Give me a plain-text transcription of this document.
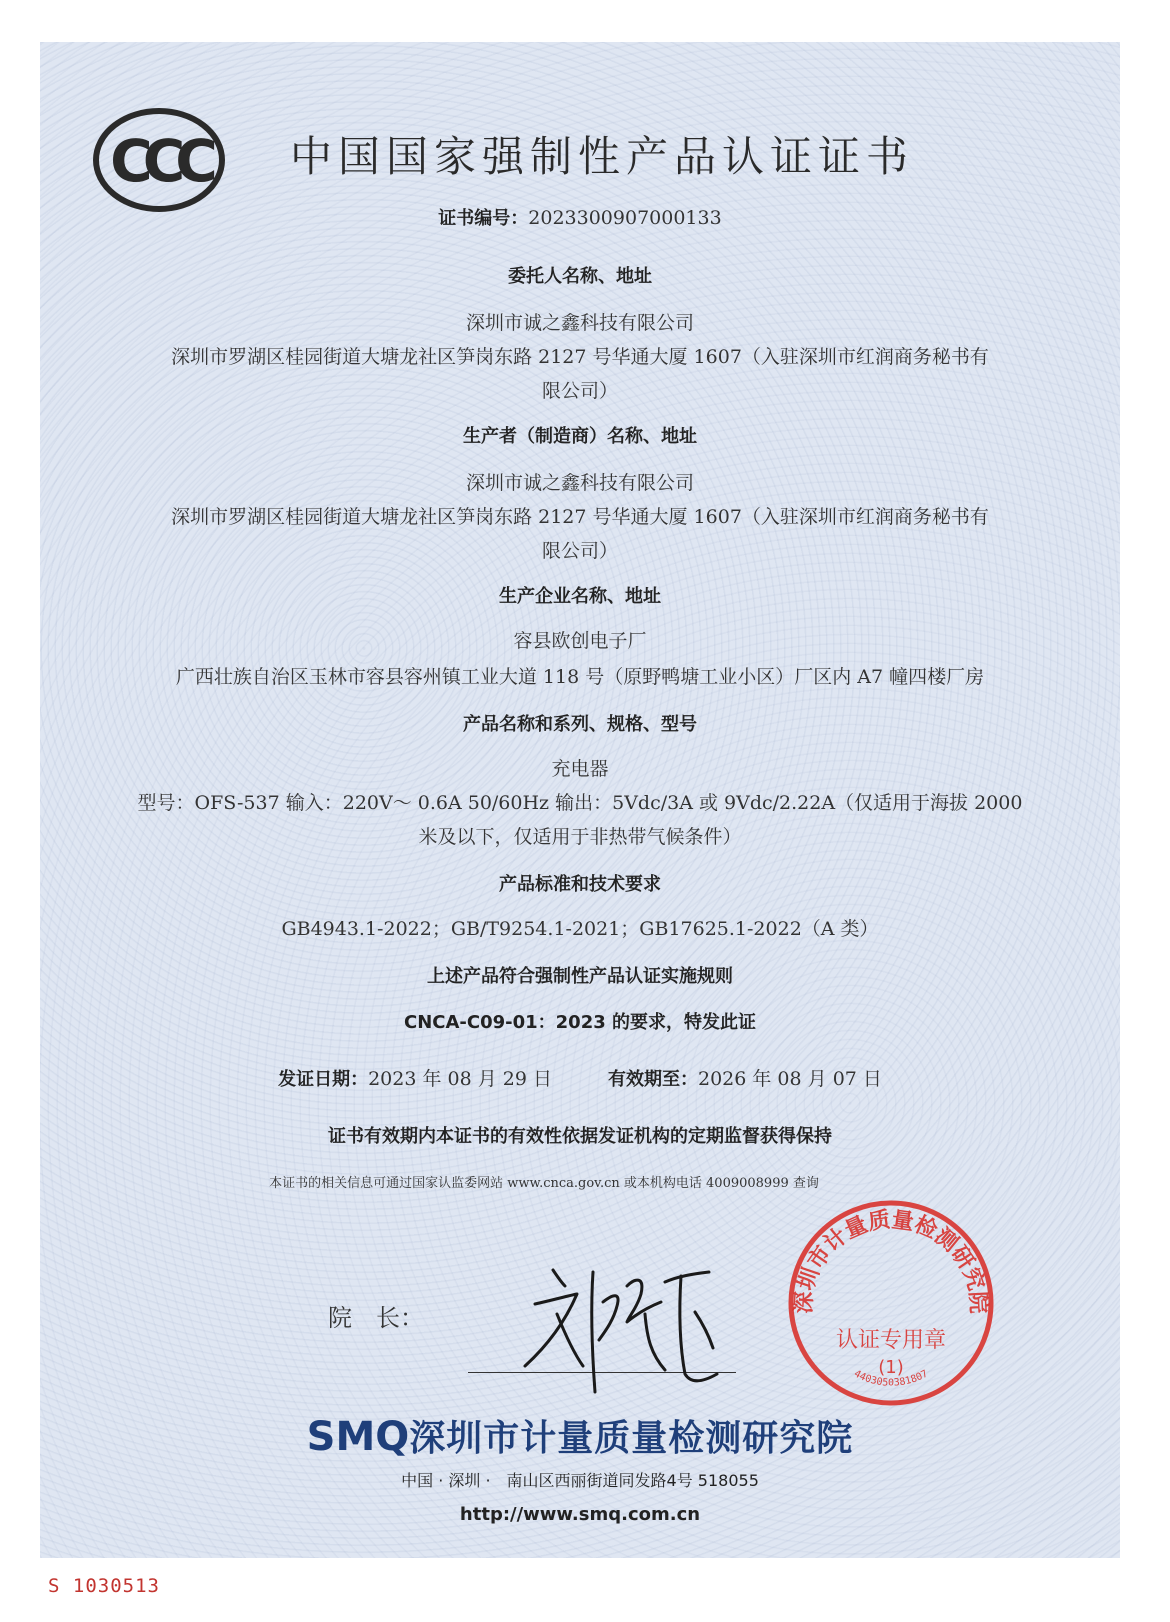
CCC 中国国家强制性产品认证证书
证书编号：2023300907000133
委托人名称、地址
深圳市诚之鑫科技有限公司
深圳市罗湖区桂园街道大塘龙社区笋岗东路 2127 号华通大厦 1607（入驻深圳市红润商务秘书有
限公司）
生产者（制造商）名称、地址
深圳市诚之鑫科技有限公司
深圳市罗湖区桂园街道大塘龙社区笋岗东路 2127 号华通大厦 1607（入驻深圳市红润商务秘书有
限公司）
生产企业名称、地址
容县欧创电子厂
广西壮族自治区玉林市容县容州镇工业大道 118 号（原野鸭塘工业小区）厂区内 A7 幢四楼厂房
产品名称和系列、规格、型号
充电器
型号：OFS-537 输入：220V～ 0.6A 50/60Hz 输出：5Vdc/3A 或 9Vdc/2.22A（仅适用于海拔 2000
米及以下，仅适用于非热带气候条件）
产品标准和技术要求
GB4943.1-2022；GB/T9254.1-2021；GB17625.1-2022（A 类）
上述产品符合强制性产品认证实施规则
CNCA-C09-01：2023 的要求，特发此证
发证日期：2023 年 08 月 29 日	有效期至：2026 年 08 月 07 日
证书有效期内本证书的有效性依据发证机构的定期监督获得保持
本证书的相关信息可通过国家认监委网站 www.cnca.gov.cn 或本机构电话 4009008999 查询
院　长：
深圳市计量质量检测研究院
认证专用章
(1)
4403050381807
SMQ深圳市计量质量检测研究院
中国 · 深圳 ·　南山区西丽街道同发路4号 518055
http://www.smq.com.cn
S 1030513
